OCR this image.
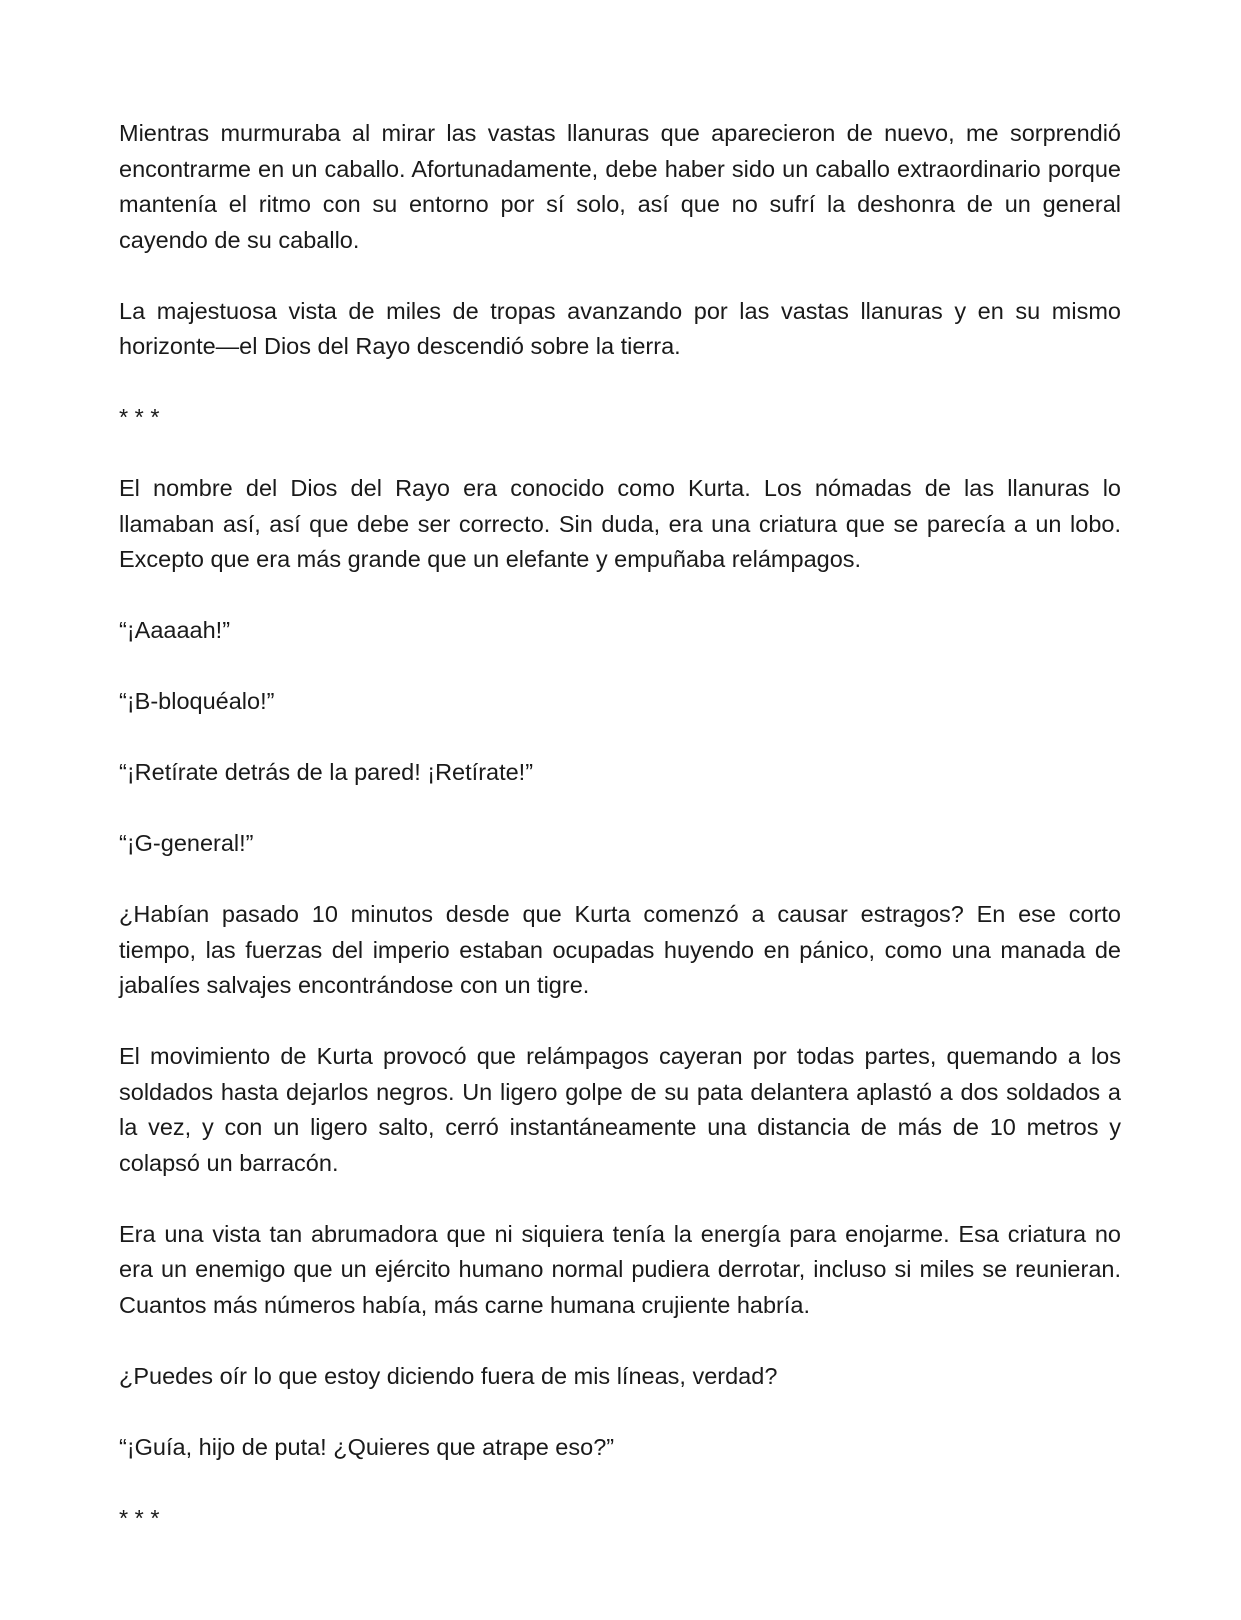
Mientras murmuraba al mirar las vastas llanuras que aparecieron de nuevo, me sorprendió encontrarme en un caballo. Afortunadamente, debe haber sido un caballo extraordinario porque mantenía el ritmo con su entorno por sí solo, así que no sufrí la deshonra de un general cayendo de su caballo.

La majestuosa vista de miles de tropas avanzando por las vastas llanuras y en su mismo horizonte—el Dios del Rayo descendió sobre la tierra.

* * *

El nombre del Dios del Rayo era conocido como Kurta. Los nómadas de las llanuras lo llamaban así, así que debe ser correcto. Sin duda, era una criatura que se parecía a un lobo. Excepto que era más grande que un elefante y empuñaba relámpagos.

“¡Aaaaah!”

“¡B-bloquéalo!”

“¡Retírate detrás de la pared! ¡Retírate!”

“¡G-general!”

¿Habían pasado 10 minutos desde que Kurta comenzó a causar estragos? En ese corto tiempo, las fuerzas del imperio estaban ocupadas huyendo en pánico, como una manada de jabalíes salvajes encontrándose con un tigre.

El movimiento de Kurta provocó que relámpagos cayeran por todas partes, quemando a los soldados hasta dejarlos negros. Un ligero golpe de su pata delantera aplastó a dos soldados a la vez, y con un ligero salto, cerró instantáneamente una distancia de más de 10 metros y colapsó un barracón.

Era una vista tan abrumadora que ni siquiera tenía la energía para enojarme. Esa criatura no era un enemigo que un ejército humano normal pudiera derrotar, incluso si miles se reunieran. Cuantos más números había, más carne humana crujiente habría.

¿Puedes oír lo que estoy diciendo fuera de mis líneas, verdad?

“¡Guía, hijo de puta! ¿Quieres que atrape eso?”

* * *
